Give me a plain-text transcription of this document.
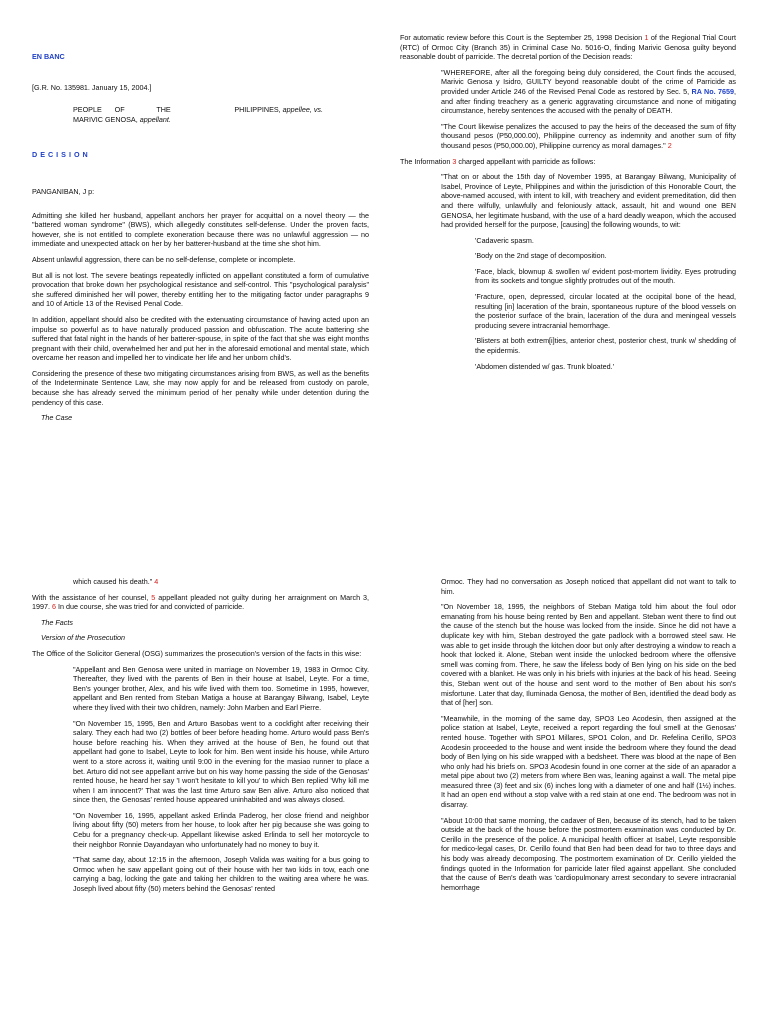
EN BANC

[G.R. No. 135981. January 15, 2004.]

PEOPLE	OF	THE	PHILIPPINES, appellee, vs.

MARIVIC GENOSA, appellant.

DECISION

PANGANIBAN, J p:

Admitting she killed her husband, appellant anchors her prayer for acquittal on a novel theory — the "battered woman syndrome" (BWS), which allegedly constitutes self-defense. Under the proven facts, however, she is not entitled to complete exoneration because there was no unlawful aggression — no immediate and unexpected attack on her by her batterer-husband at the time she shot him.

Absent unlawful aggression, there can be no self-defense, complete or incomplete.

But all is not lost. The severe beatings repeatedly inflicted on appellant constituted a form of cumulative provocation that broke down her psychological resistance and self-control. This "psychological paralysis" she suffered diminished her will power, thereby entitling her to the mitigating factor under paragraphs 9 and 10 of Article 13 of the Revised Penal Code.

In addition, appellant should also be credited with the extenuating circumstance of having acted upon an impulse so powerful as to have naturally produced passion and obfuscation. The acute battering she suffered that fatal night in the hands of her batterer-spouse, in spite of the fact that she was eight months pregnant with their child, overwhelmed her and put her in the aforesaid emotional and mental state, which overcame her reason and impelled her to vindicate her life and her unborn child's.

Considering the presence of these two mitigating circumstances arising from BWS, as well as the benefits of the Indeterminate Sentence Law, she may now apply for and be released from custody on parole, because she has already served the minimum period of her penalty while under detention during the pendency of this case.

The Case

For automatic review before this Court is the September 25, 1998 Decision 1 of the Regional Trial Court (RTC) of Ormoc City (Branch 35) in Criminal Case No. 5016-O, finding Marivic Genosa guilty beyond reasonable doubt of parricide. The decretal portion of the Decision reads:

"WHEREFORE, after all the foregoing being duly considered, the Court finds the accused, Marivic Genosa y Isidro, GUILTY beyond reasonable doubt of the crime of Parricide as provided under Article 246 of the Revised Penal Code as restored by Sec. 5, RA No. 7659, and after finding treachery as a generic aggravating circumstance and none of mitigating circumstance, hereby sentences the accused with the penalty of DEATH.

"The Court likewise penalizes the accused to pay the heirs of the deceased the sum of fifty thousand pesos (P50,000.00), Philippine currency as indemnity and another sum of fifty thousand pesos (P50,000.00), Philippine currency as moral damages." 2

The Information 3 charged appellant with parricide as follows:

"That on or about the 15th day of November 1995, at Barangay Bilwang, Municipality of Isabel, Province of Leyte, Philippines and within the jurisdiction of this Honorable Court, the above-named accused, with intent to kill, with treachery and evident premeditation, did then and there wilfully, unlawfully and feloniously attack, assault, hit and wound one BEN GENOSA, her legitimate husband, with the use of a hard deadly weapon, which the accused had provided herself for the purpose, [causing] the following wounds, to wit:

'Cadaveric spasm.

'Body on the 2nd stage of decomposition.

'Face, black, blownup & swollen w/ evident post-mortem lividity. Eyes protruding from its sockets and tongue slightly protrudes out of the mouth.

'Fracture, open, depressed, circular located at the occipital bone of the head, resulting [in] laceration of the brain, spontaneous rupture of the blood vessels on the posterior surface of the brain, laceration of the dura and meningeal vessels producing severe intracranial hemorrhage.

'Blisters at both extrem[i]ties, anterior chest, posterior chest, trunk w/ shedding of the epidermis.

'Abdomen distended w/ gas. Trunk bloated.'

which caused his death." 4

With the assistance of her counsel, 5 appellant pleaded not guilty during her arraignment on March 3, 1997. 6 In due course, she was tried for and convicted of parricide.

The Facts

Version of the Prosecution

The Office of the Solicitor General (OSG) summarizes the prosecution's version of the facts in this wise:

"Appellant and Ben Genosa were united in marriage on November 19, 1983 in Ormoc City. Thereafter, they lived with the parents of Ben in their house at Isabel, Leyte. For a time, Ben's younger brother, Alex, and his wife lived with them too. Sometime in 1995, however, appellant and Ben rented from Steban Matiga a house at Barangay Bilwang, Isabel, Leyte where they lived with their two children, namely: John Marben and Earl Pierre.

"On November 15, 1995, Ben and Arturo Basobas went to a cockfight after receiving their salary. They each had two (2) bottles of beer before heading home. Arturo would pass Ben's house before reaching his. When they arrived at the house of Ben, he found out that appellant had gone to Isabel, Leyte to look for him. Ben went inside his house, while Arturo went to a store across it, waiting until 9:00 in the evening for the masiao runner to place a bet. Arturo did not see appellant arrive but on his way home passing the side of the Genosas' rented house, he heard her say 'I won't hesitate to kill you' to which Ben replied 'Why kill me when I am innocent?' That was the last time Arturo saw Ben alive. Arturo also noticed that since then, the Genosas' rented house appeared uninhabited and was always closed.

"On November 16, 1995, appellant asked Erlinda Paderog, her close friend and neighbor living about fifty (50) meters from her house, to look after her pig because she was going to Cebu for a pregnancy check-up. Appellant likewise asked Erlinda to sell her motorcycle to their neighbor Ronnie Dayandayan who unfortunately had no money to buy it.

"That same day, about 12:15 in the afternoon, Joseph Valida was waiting for a bus going to Ormoc when he saw appellant going out of their house with her two kids in tow, each one carrying a bag, locking the gate and taking her children to the waiting area where he was. Joseph lived about fifty (50) meters behind the Genosas' rented

Ormoc. They had no conversation as Joseph noticed that appellant did not want to talk to him.

"On November 18, 1995, the neighbors of Steban Matiga told him about the foul odor emanating from his house being rented by Ben and appellant. Steban went there to find out the cause of the stench but the house was locked from the inside. Since he did not have a duplicate key with him, Steban destroyed the gate padlock with a borrowed steel saw. He was able to get inside through the kitchen door but only after destroying a window to reach a hook that locked it. Alone, Steban went inside the unlocked bedroom where the offensive smell was coming from. There, he saw the lifeless body of Ben lying on his side on the bed covered with a blanket. He was only in his briefs with injuries at the back of his head. Seeing this, Steban went out of the house and sent word to the mother of Ben about his son's misfortune. Later that day, Iluminada Genosa, the mother of Ben, identified the dead body as that of [her] son.

"Meanwhile, in the morning of the same day, SPO3 Leo Acodesin, then assigned at the police station at Isabel, Leyte, received a report regarding the foul smell at the Genosas' rented house. Together with SPO1 Millares, SPO1 Colon, and Dr. Refelina Cerillo, SPO3 Acodesin proceeded to the house and went inside the bedroom where they found the dead body of Ben lying on his side wrapped with a bedsheet. There was blood at the nape of Ben who only had his briefs on. SPO3 Acodesin found in one corner at the side of an aparador a metal pipe about two (2) meters from where Ben was, leaning against a wall. The metal pipe measured three (3) feet and six (6) inches long with a diameter of one and half (1½) inches. It had an open end without a stop valve with a red stain at one end. The bedroom was not in disarray.

"About 10:00 that same morning, the cadaver of Ben, because of its stench, had to be taken outside at the back of the house before the postmortem examination was conducted by Dr. Cerillo in the presence of the police. A municipal health officer at Isabel, Leyte responsible for medico-legal cases, Dr. Cerillo found that Ben had been dead for two to three days and his body was already decomposing. The postmortem examination of Dr. Cerillo yielded the findings quoted in the Information for parricide later filed against appellant. She concluded that the cause of Ben's death was 'cardiopulmonary arrest secondary to severe intracranial hemorrhage
